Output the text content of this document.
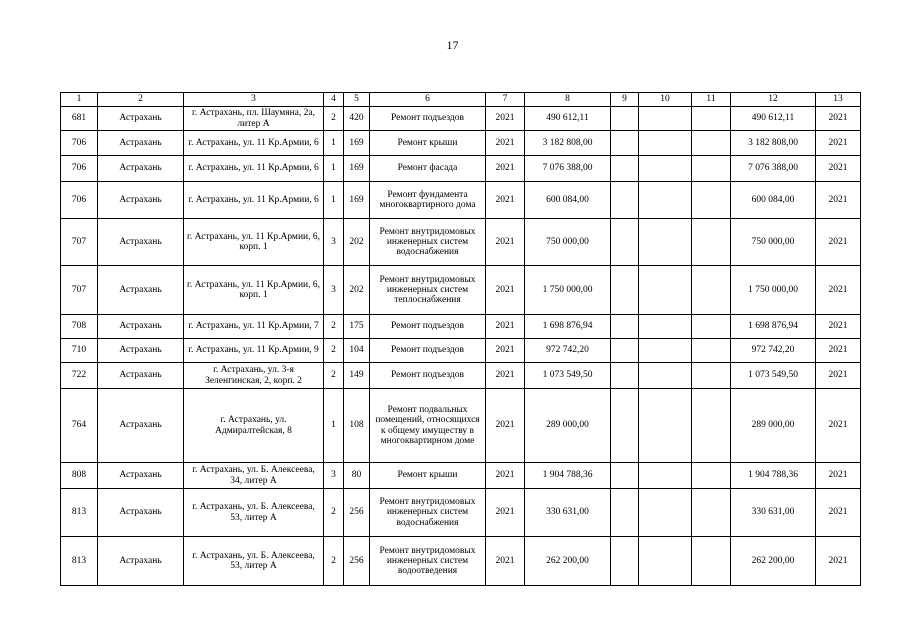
17
1	2	3	4	5	6	7	8	9	10	11	12	13
681	Астрахань	г. Астрахань, пл. Шаумяна, 2а, литер А	2	420	Ремонт подъездов	2021	490 612,11				490 612,11	2021
706	Астрахань	г. Астрахань, ул. 11 Кр.Армии, 6	1	169	Ремонт крыши	2021	3 182 808,00				3 182 808,00	2021
706	Астрахань	г. Астрахань, ул. 11 Кр.Армии, 6	1	169	Ремонт фасада	2021	7 076 388,00				7 076 388,00	2021
706	Астрахань	г. Астрахань, ул. 11 Кр.Армии, 6	1	169	Ремонт фундамента многоквартирного дома	2021	600 084,00				600 084,00	2021
707	Астрахань	г. Астрахань, ул. 11 Кр.Армии, 6, корп. 1	3	202	Ремонт внутридомовых инженерных систем водоснабжения	2021	750 000,00				750 000,00	2021
707	Астрахань	г. Астрахань, ул. 11 Кр.Армии, 6, корп. 1	3	202	Ремонт внутридомовых инженерных систем теплоснабжения	2021	1 750 000,00				1 750 000,00	2021
708	Астрахань	г. Астрахань, ул. 11 Кр.Армии, 7	2	175	Ремонт подъездов	2021	1 698 876,94				1 698 876,94	2021
710	Астрахань	г. Астрахань, ул. 11 Кр.Армии, 9	2	104	Ремонт подъездов	2021	972 742,20				972 742,20	2021
722	Астрахань	г. Астрахань, ул. 3-я Зеленгинская, 2, корп. 2	2	149	Ремонт подъездов	2021	1 073 549,50				1 073 549,50	2021
764	Астрахань	г. Астрахань, ул. Адмиралтейская, 8	1	108	Ремонт подвальных помещений, относящихся к общему имуществу в многоквартирном доме	2021	289 000,00				289 000,00	2021
808	Астрахань	г. Астрахань, ул. Б. Алексеева, 34, литер А	3	80	Ремонт крыши	2021	1 904 788,36				1 904 788,36	2021
813	Астрахань	г. Астрахань, ул. Б. Алексеева, 53, литер А	2	256	Ремонт внутридомовых инженерных систем водоснабжения	2021	330 631,00				330 631,00	2021
813	Астрахань	г. Астрахань, ул. Б. Алексеева, 53, литер А	2	256	Ремонт внутридомовых инженерных систем водоотведения	2021	262 200,00				262 200,00	2021
